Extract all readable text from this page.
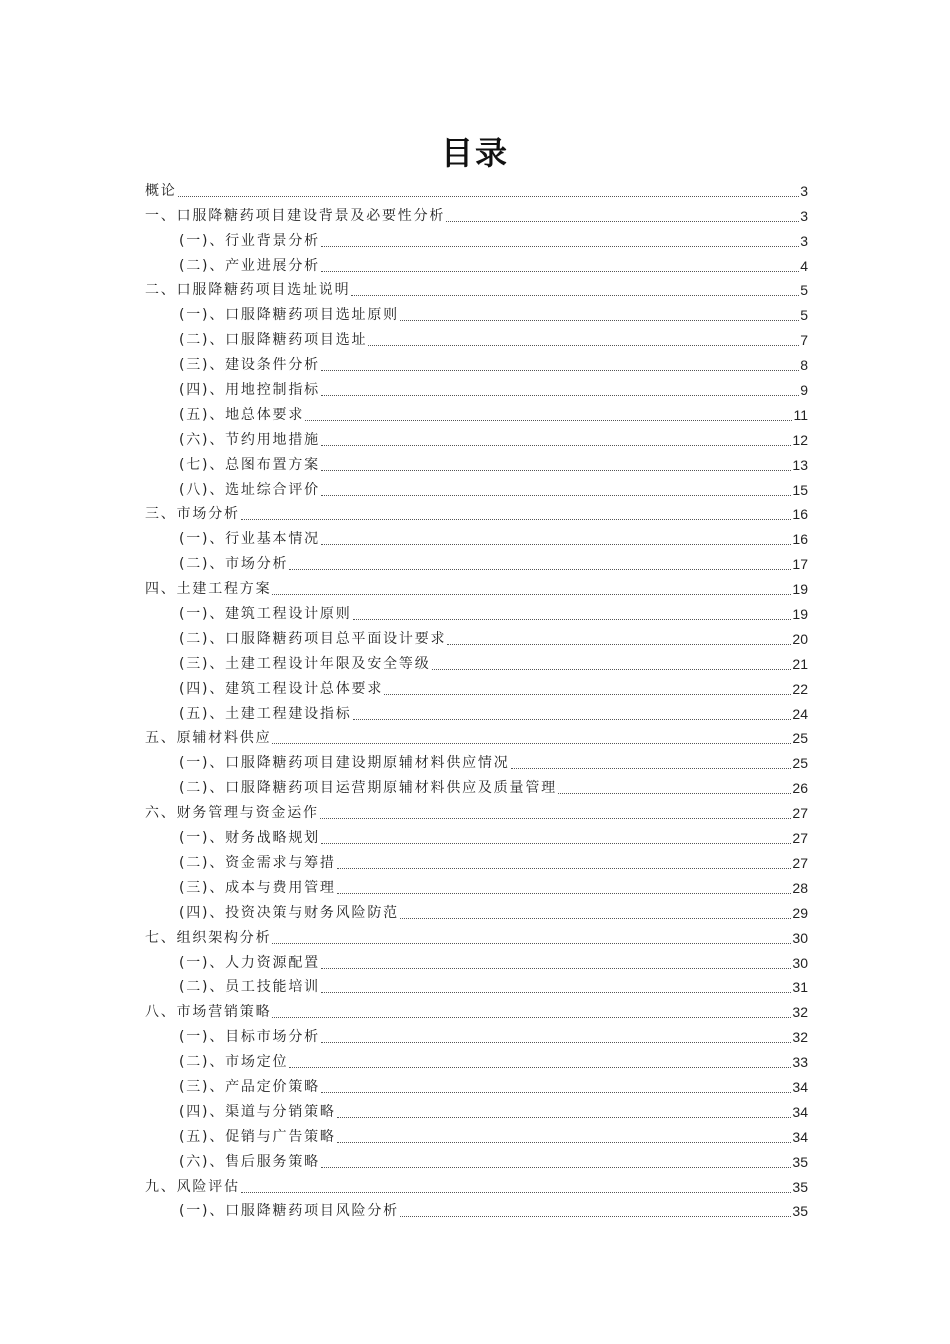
目录
概论	3
一、口服降糖药项目建设背景及必要性分析	3
(一)、行业背景分析	3
(二)、产业进展分析	4
二、口服降糖药项目选址说明	5
(一)、口服降糖药项目选址原则	5
(二)、口服降糖药项目选址	7
(三)、建设条件分析	8
(四)、用地控制指标	9
(五)、地总体要求	11
(六)、节约用地措施	12
(七)、总图布置方案	13
(八)、选址综合评价	15
三、市场分析	16
(一)、行业基本情况	16
(二)、市场分析	17
四、土建工程方案	19
(一)、建筑工程设计原则	19
(二)、口服降糖药项目总平面设计要求	20
(三)、土建工程设计年限及安全等级	21
(四)、建筑工程设计总体要求	22
(五)、土建工程建设指标	24
五、原辅材料供应	25
(一)、口服降糖药项目建设期原辅材料供应情况	25
(二)、口服降糖药项目运营期原辅材料供应及质量管理	26
六、财务管理与资金运作	27
(一)、财务战略规划	27
(二)、资金需求与筹措	27
(三)、成本与费用管理	28
(四)、投资决策与财务风险防范	29
七、组织架构分析	30
(一)、人力资源配置	30
(二)、员工技能培训	31
八、市场营销策略	32
(一)、目标市场分析	32
(二)、市场定位	33
(三)、产品定价策略	34
(四)、渠道与分销策略	34
(五)、促销与广告策略	34
(六)、售后服务策略	35
九、风险评估	35
(一)、口服降糖药项目风险分析	35
